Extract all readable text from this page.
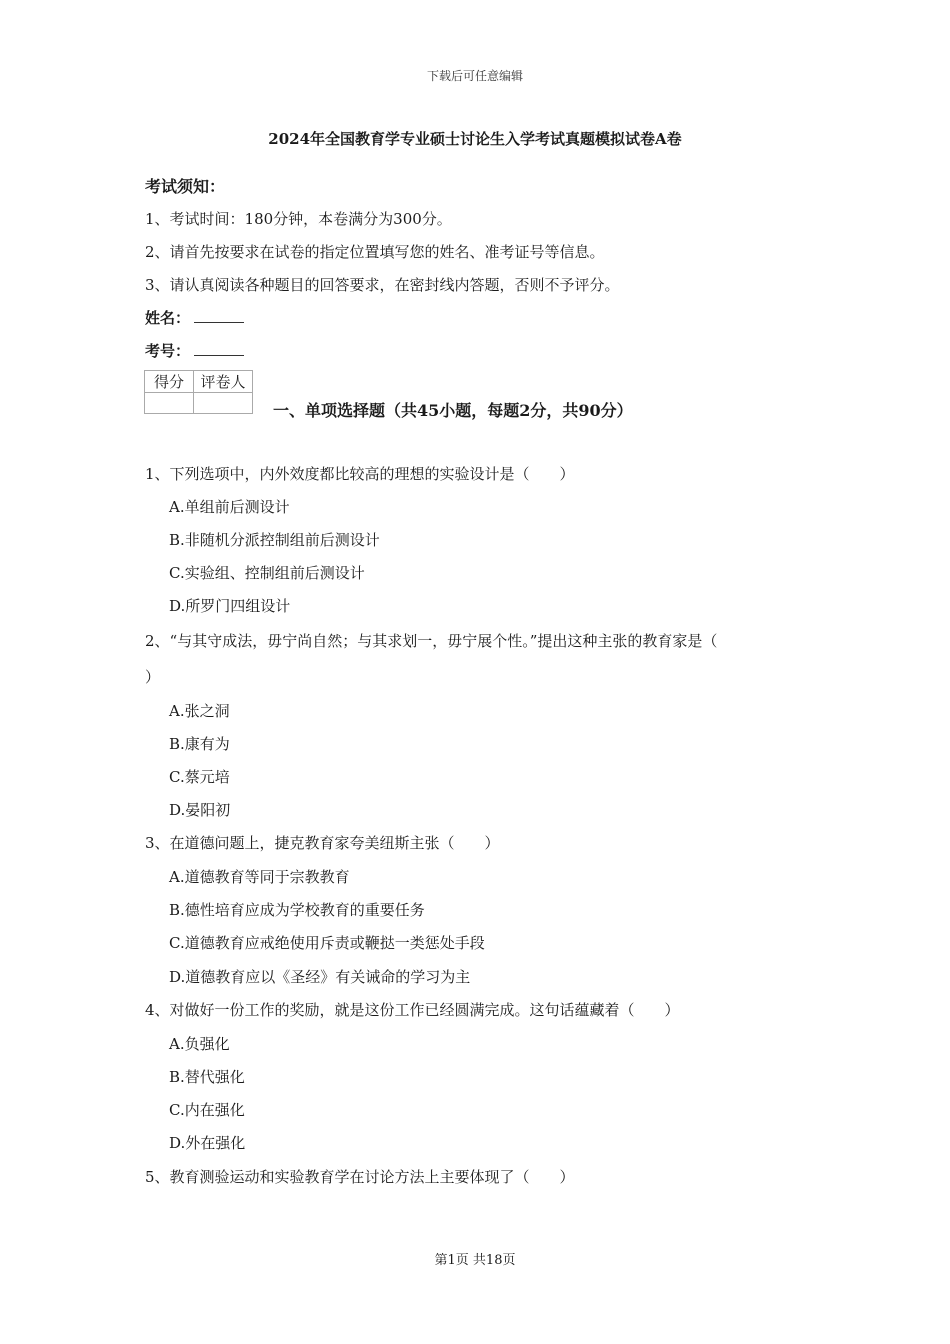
下载后可任意编辑
2024年全国教育学专业硕士讨论生入学考试真题模拟试卷A卷
考试须知：
1、考试时间：180分钟，本卷满分为300分。
2、请首先按要求在试卷的指定位置填写您的姓名、准考证号等信息。
3、请认真阅读各种题目的回答要求，在密封线内答题，否则不予评分。
姓名：
考号：
得分	评卷人

一、单项选择题（共45小题，每题2分，共90分）
1、下列选项中，内外效度都比较高的理想的实验设计是（　　）
A.单组前后测设计
B.非随机分派控制组前后测设计
C.实验组、控制组前后测设计
D.所罗门四组设计
2、“与其守成法，毋宁尚自然；与其求划一，毋宁展个性。”提出这种主张的教育家是（
）
A.张之洞
B.康有为
C.蔡元培
D.晏阳初
3、在道德问题上，捷克教育家夸美纽斯主张（　　）
A.道德教育等同于宗教教育
B.德性培育应成为学校教育的重要任务
C.道德教育应戒绝使用斥责或鞭挞一类惩处手段
D.道德教育应以《圣经》有关诫命的学习为主
4、对做好一份工作的奖励，就是这份工作已经圆满完成。这句话蕴藏着（　　）
A.负强化
B.替代强化
C.内在强化
D.外在强化
5、教育测验运动和实验教育学在讨论方法上主要体现了（　　）
第1页 共18页
